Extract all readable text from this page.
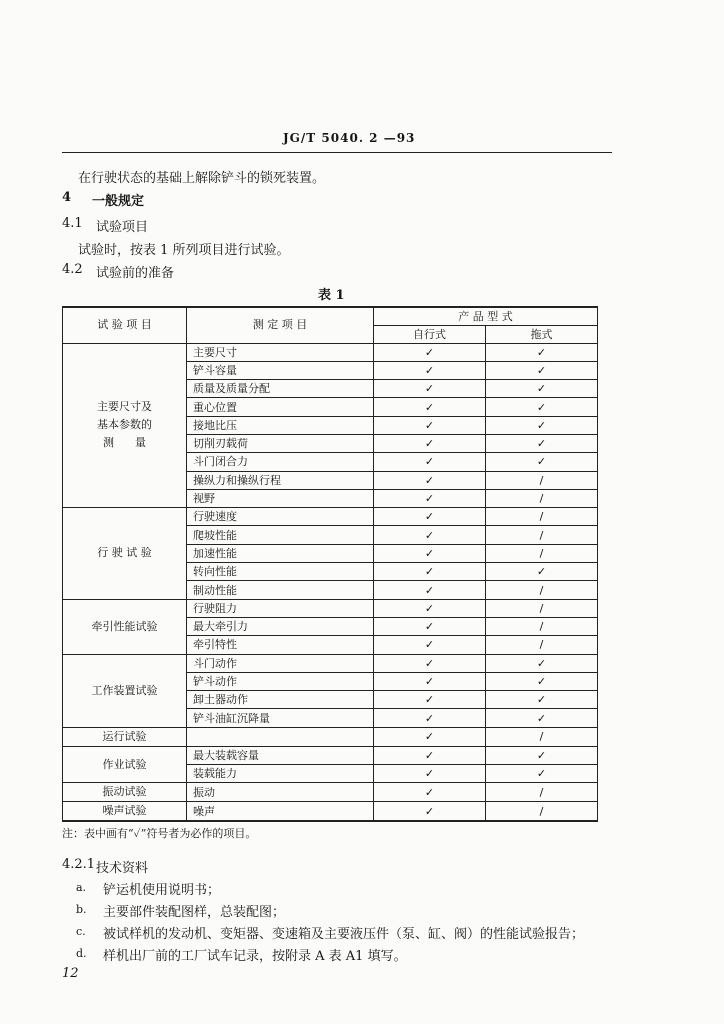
JG/T 5040. 2 —93
在行驶状态的基础上解除铲斗的锁死装置。
4 一般规定
4.1 试验项目
试验时，按表 1 所列项目进行试验。
4.2 试验前的准备
表 1
试 验 项 目	测 定 项 目	产 品 型 式	
		自行式	拖式
主要尺寸及
基本参数的
测      量	主要尺寸	✓	✓
	铲斗容量	✓	✓
	质量及质量分配	✓	✓
	重心位置	✓	✓
	接地比压	✓	✓
	切削刃载荷	✓	✓
	斗门闭合力	✓	✓
	操纵力和操纵行程	✓	/
	视野	✓	/
行 驶 试 验	行驶速度	✓	/
	爬坡性能	✓	/
	加速性能	✓	/
	转向性能	✓	✓
	制动性能	✓	/
牵引性能试验	行驶阻力	✓	/
	最大牵引力	✓	/
	牵引特性	✓	/
工作装置试验	斗门动作	✓	✓
	铲斗动作	✓	✓
	卸土器动作	✓	✓
	铲斗油缸沉降量	✓	✓
运行试验		✓	/
作业试验	最大装载容量	✓	✓
	装载能力	✓	✓
振动试验	振动	✓	/
噪声试验	噪声	✓	/
注：表中画有“✓”符号者为必作的项目。
4.2.1 技术资料
a. 铲运机使用说明书；
b. 主要部件装配图样，总装配图；
c. 被试样机的发动机、变矩器、变速箱及主要液压件（泵、缸、阀）的性能试验报告；
d. 样机出厂前的工厂试车记录，按附录 A 表 A1 填写。
12
